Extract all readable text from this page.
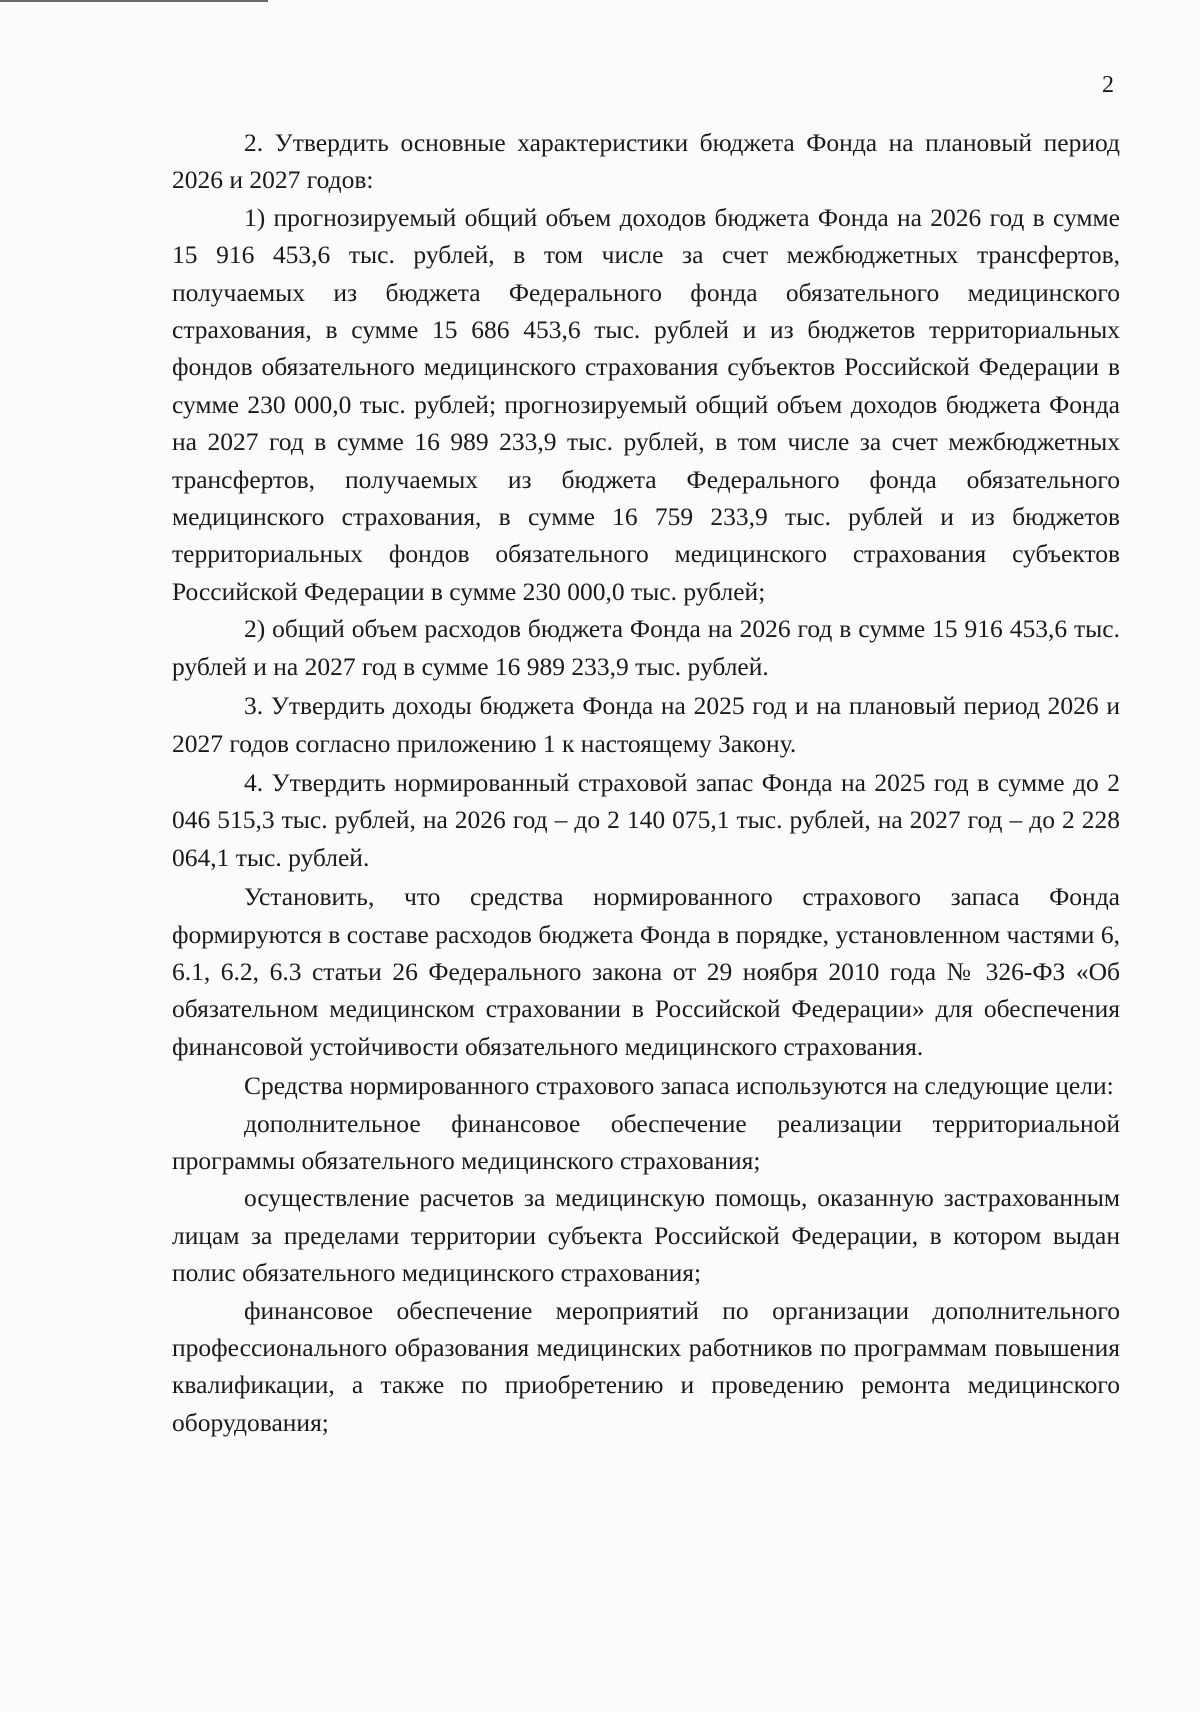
2

2. Утвердить основные характеристики бюджета Фонда на плановый период 2026 и 2027 годов:

1) прогнозируемый общий объем доходов бюджета Фонда на 2026 год в сумме 15 916 453,6 тыс. рублей, в том числе за счет межбюджетных трансфертов, получаемых из бюджета Федерального фонда обязательного медицинского страхования, в сумме 15 686 453,6 тыс. рублей и из бюджетов территориальных фондов обязательного медицинского страхования субъектов Российской Федерации в сумме 230 000,0 тыс. рублей; прогнозируемый общий объем доходов бюджета Фонда на 2027 год в сумме 16 989 233,9 тыс. рублей, в том числе за счет межбюджетных трансфертов, получаемых из бюджета Федерального фонда обязательного медицинского страхования, в сумме 16 759 233,9 тыс. рублей и из бюджетов территориальных фондов обязательного медицинского страхования субъектов Российской Федерации в сумме 230 000,0 тыс. рублей;

2) общий объем расходов бюджета Фонда на 2026 год в сумме 15 916 453,6 тыс. рублей и на 2027 год в сумме 16 989 233,9 тыс. рублей.

3. Утвердить доходы бюджета Фонда на 2025 год и на плановый период 2026 и 2027 годов согласно приложению 1 к настоящему Закону.

4. Утвердить нормированный страховой запас Фонда на 2025 год в сумме до 2 046 515,3 тыс. рублей, на 2026 год – до 2 140 075,1 тыс. рублей, на 2027 год – до 2 228 064,1 тыс. рублей.

Установить, что средства нормированного страхового запаса Фонда формируются в составе расходов бюджета Фонда в порядке, установленном частями 6, 6.1, 6.2, 6.3 статьи 26 Федерального закона от 29 ноября 2010 года № 326-ФЗ «Об обязательном медицинском страховании в Российской Федерации» для обеспечения финансовой устойчивости обязательного медицинского страхования.

Средства нормированного страхового запаса используются на следующие цели:

дополнительное финансовое обеспечение реализации территориальной программы обязательного медицинского страхования;

осуществление расчетов за медицинскую помощь, оказанную застрахованным лицам за пределами территории субъекта Российской Федерации, в котором выдан полис обязательного медицинского страхования;

финансовое обеспечение мероприятий по организации дополнительного профессионального образования медицинских работников по программам повышения квалификации, а также по приобретению и проведению ремонта медицинского оборудования;
